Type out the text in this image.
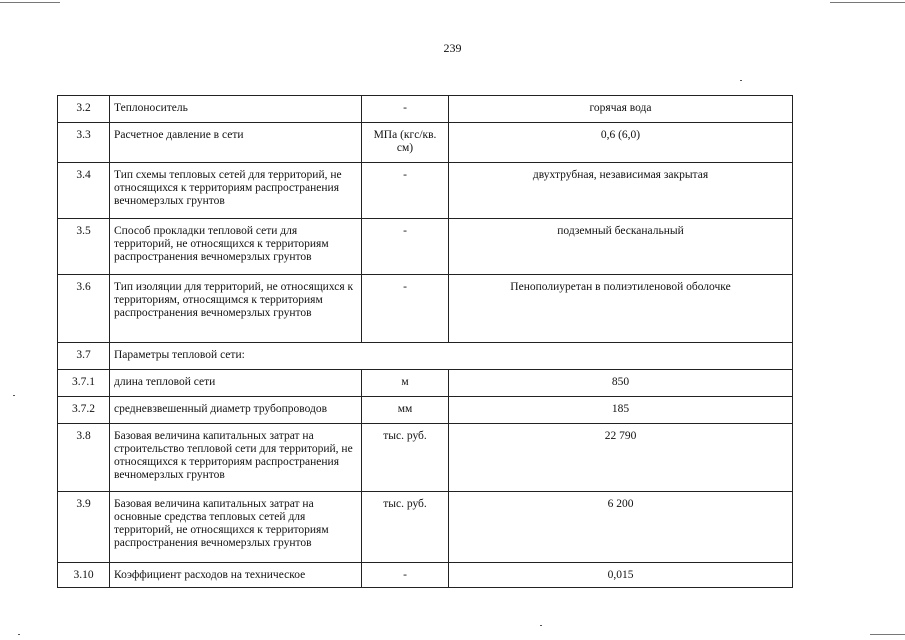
239
3.2	Теплоноситель	-	горячая вода
3.3	Расчетное давление в сети	МПа (кгс/кв. см)	0,6 (6,0)
3.4	Тип схемы тепловых сетей для территорий, не относящихся к территориям распространения вечномерзлых грунтов	-	двухтрубная, независимая закрытая
3.5	Способ прокладки тепловой сети для территорий, не относящихся к территориям распространения вечномерзлых грунтов	-	подземный бесканальный
3.6	Тип изоляции для территорий, не относящихся к территориям, относящимся к территориям распространения вечномерзлых грунтов	-	Пенополиуретан в полиэтиленовой оболочке
3.7	Параметры тепловой сети:		
3.7.1	длина тепловой сети	м	850
3.7.2	средневзвешенный диаметр трубопроводов	мм	185
3.8	Базовая величина капитальных затрат на строительство тепловой сети для территорий, не относящихся к территориям распространения вечномерзлых грунтов	тыс. руб.	22 790
3.9	Базовая величина капитальных затрат на основные средства тепловых сетей для территорий, не относящихся к территориям распространения вечномерзлых грунтов	тыс. руб.	6 200
3.10	Коэффициент расходов на техническое	-	0,015
